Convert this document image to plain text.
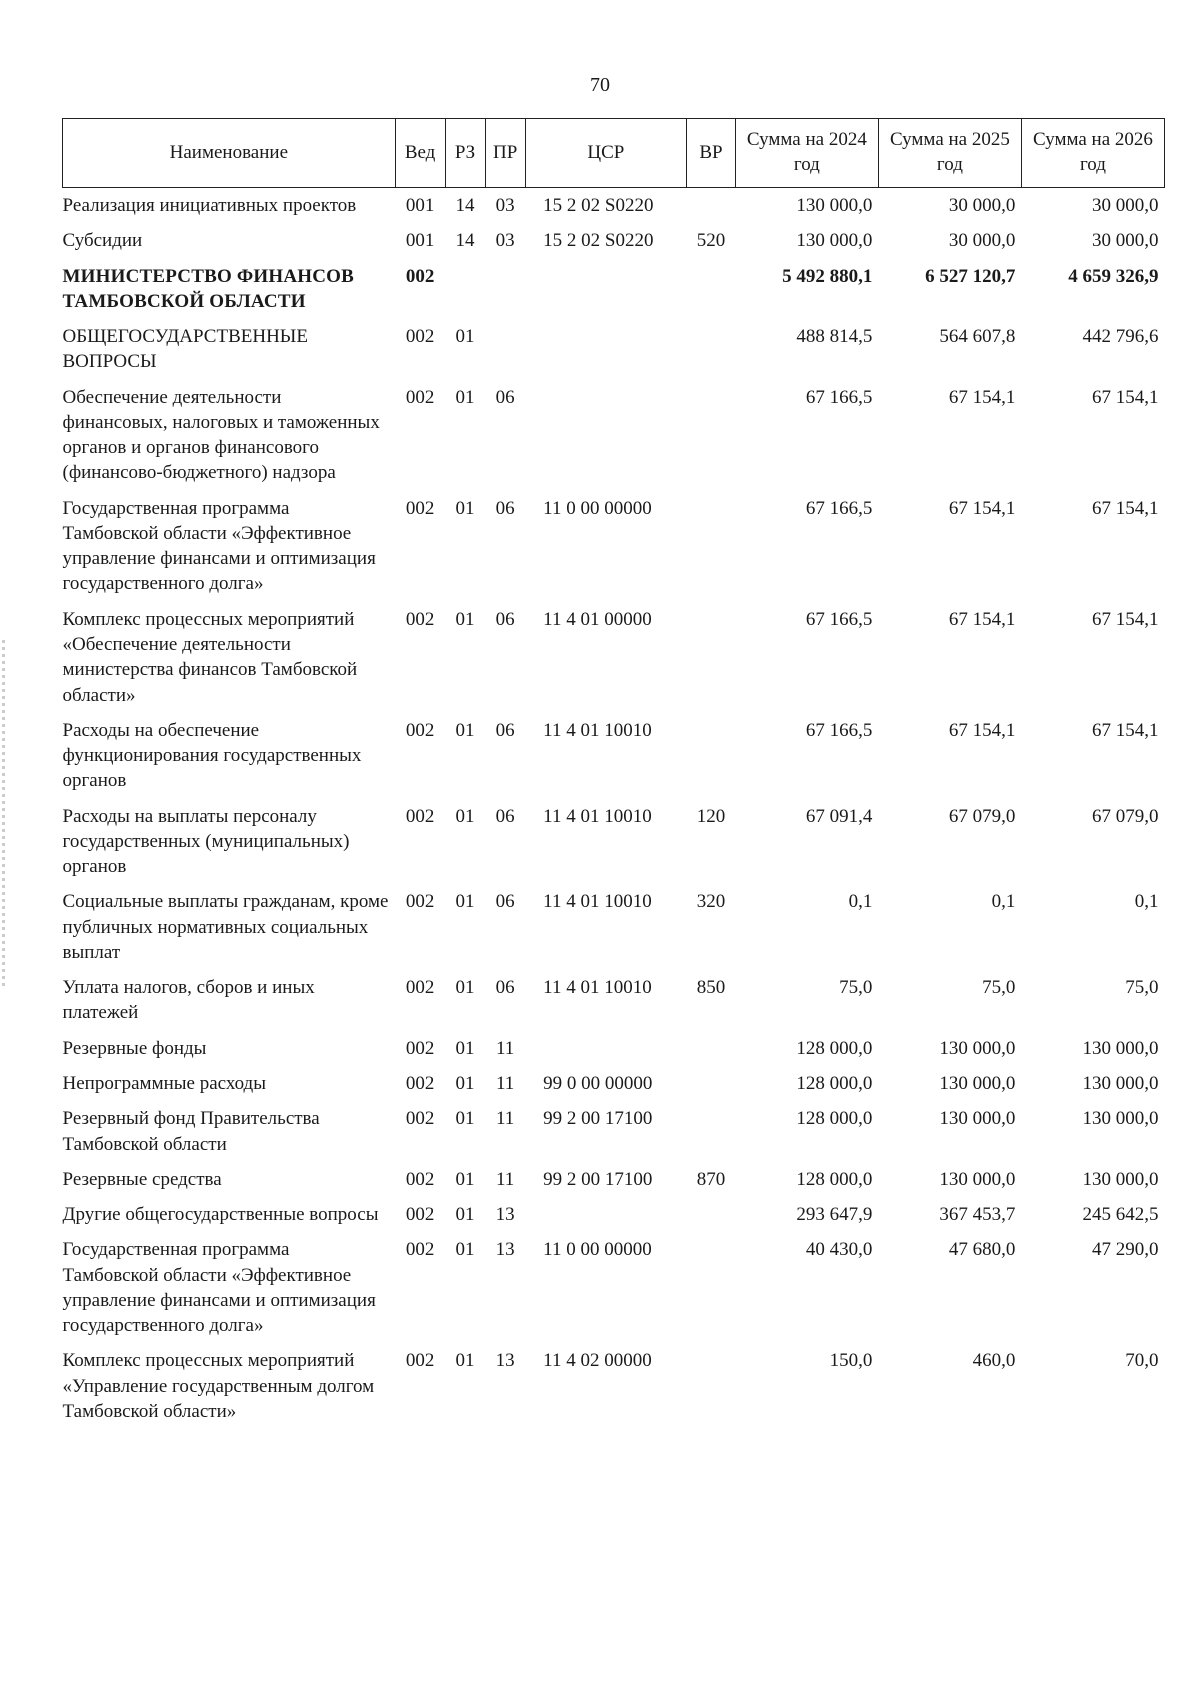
70
Наименование	Вед	РЗ	ПР	ЦСР	ВР	Сумма на 2024 год	Сумма на 2025 год	Сумма на 2026 год
Реализация инициативных проектов	001	14	03	15 2 02 S0220		130 000,0	30 000,0	30 000,0
Субсидии	001	14	03	15 2 02 S0220	520	130 000,0	30 000,0	30 000,0
МИНИСТЕРСТВО ФИНАНСОВ ТАМБОВСКОЙ ОБЛАСТИ	002					5 492 880,1	6 527 120,7	4 659 326,9
ОБЩЕГОСУДАРСТВЕННЫЕ ВОПРОСЫ	002	01				488 814,5	564 607,8	442 796,6
Обеспечение деятельности финансовых, налоговых и таможенных органов и органов финансового (финансово-бюджетного) надзора	002	01	06			67 166,5	67 154,1	67 154,1
Государственная программа Тамбовской области «Эффективное управление финансами и оптимизация государственного долга»	002	01	06	11 0 00 00000		67 166,5	67 154,1	67 154,1
Комплекс процессных мероприятий «Обеспечение деятельности министерства финансов Тамбовской области»	002	01	06	11 4 01 00000		67 166,5	67 154,1	67 154,1
Расходы на обеспечение функционирования государственных органов	002	01	06	11 4 01 10010		67 166,5	67 154,1	67 154,1
Расходы на выплаты персоналу государственных (муниципальных) органов	002	01	06	11 4 01 10010	120	67 091,4	67 079,0	67 079,0
Социальные выплаты гражданам, кроме публичных нормативных социальных выплат	002	01	06	11 4 01 10010	320	0,1	0,1	0,1
Уплата налогов, сборов и иных платежей	002	01	06	11 4 01 10010	850	75,0	75,0	75,0
Резервные фонды	002	01	11			128 000,0	130 000,0	130 000,0
Непрограммные расходы	002	01	11	99 0 00 00000		128 000,0	130 000,0	130 000,0
Резервный фонд Правительства Тамбовской области	002	01	11	99 2 00 17100		128 000,0	130 000,0	130 000,0
Резервные средства	002	01	11	99 2 00 17100	870	128 000,0	130 000,0	130 000,0
Другие общегосударственные вопросы	002	01	13			293 647,9	367 453,7	245 642,5
Государственная программа Тамбовской области «Эффективное управление финансами и оптимизация государственного долга»	002	01	13	11 0 00 00000		40 430,0	47 680,0	47 290,0
Комплекс процессных мероприятий «Управление государственным долгом Тамбовской области»	002	01	13	11 4 02 00000		150,0	460,0	70,0
